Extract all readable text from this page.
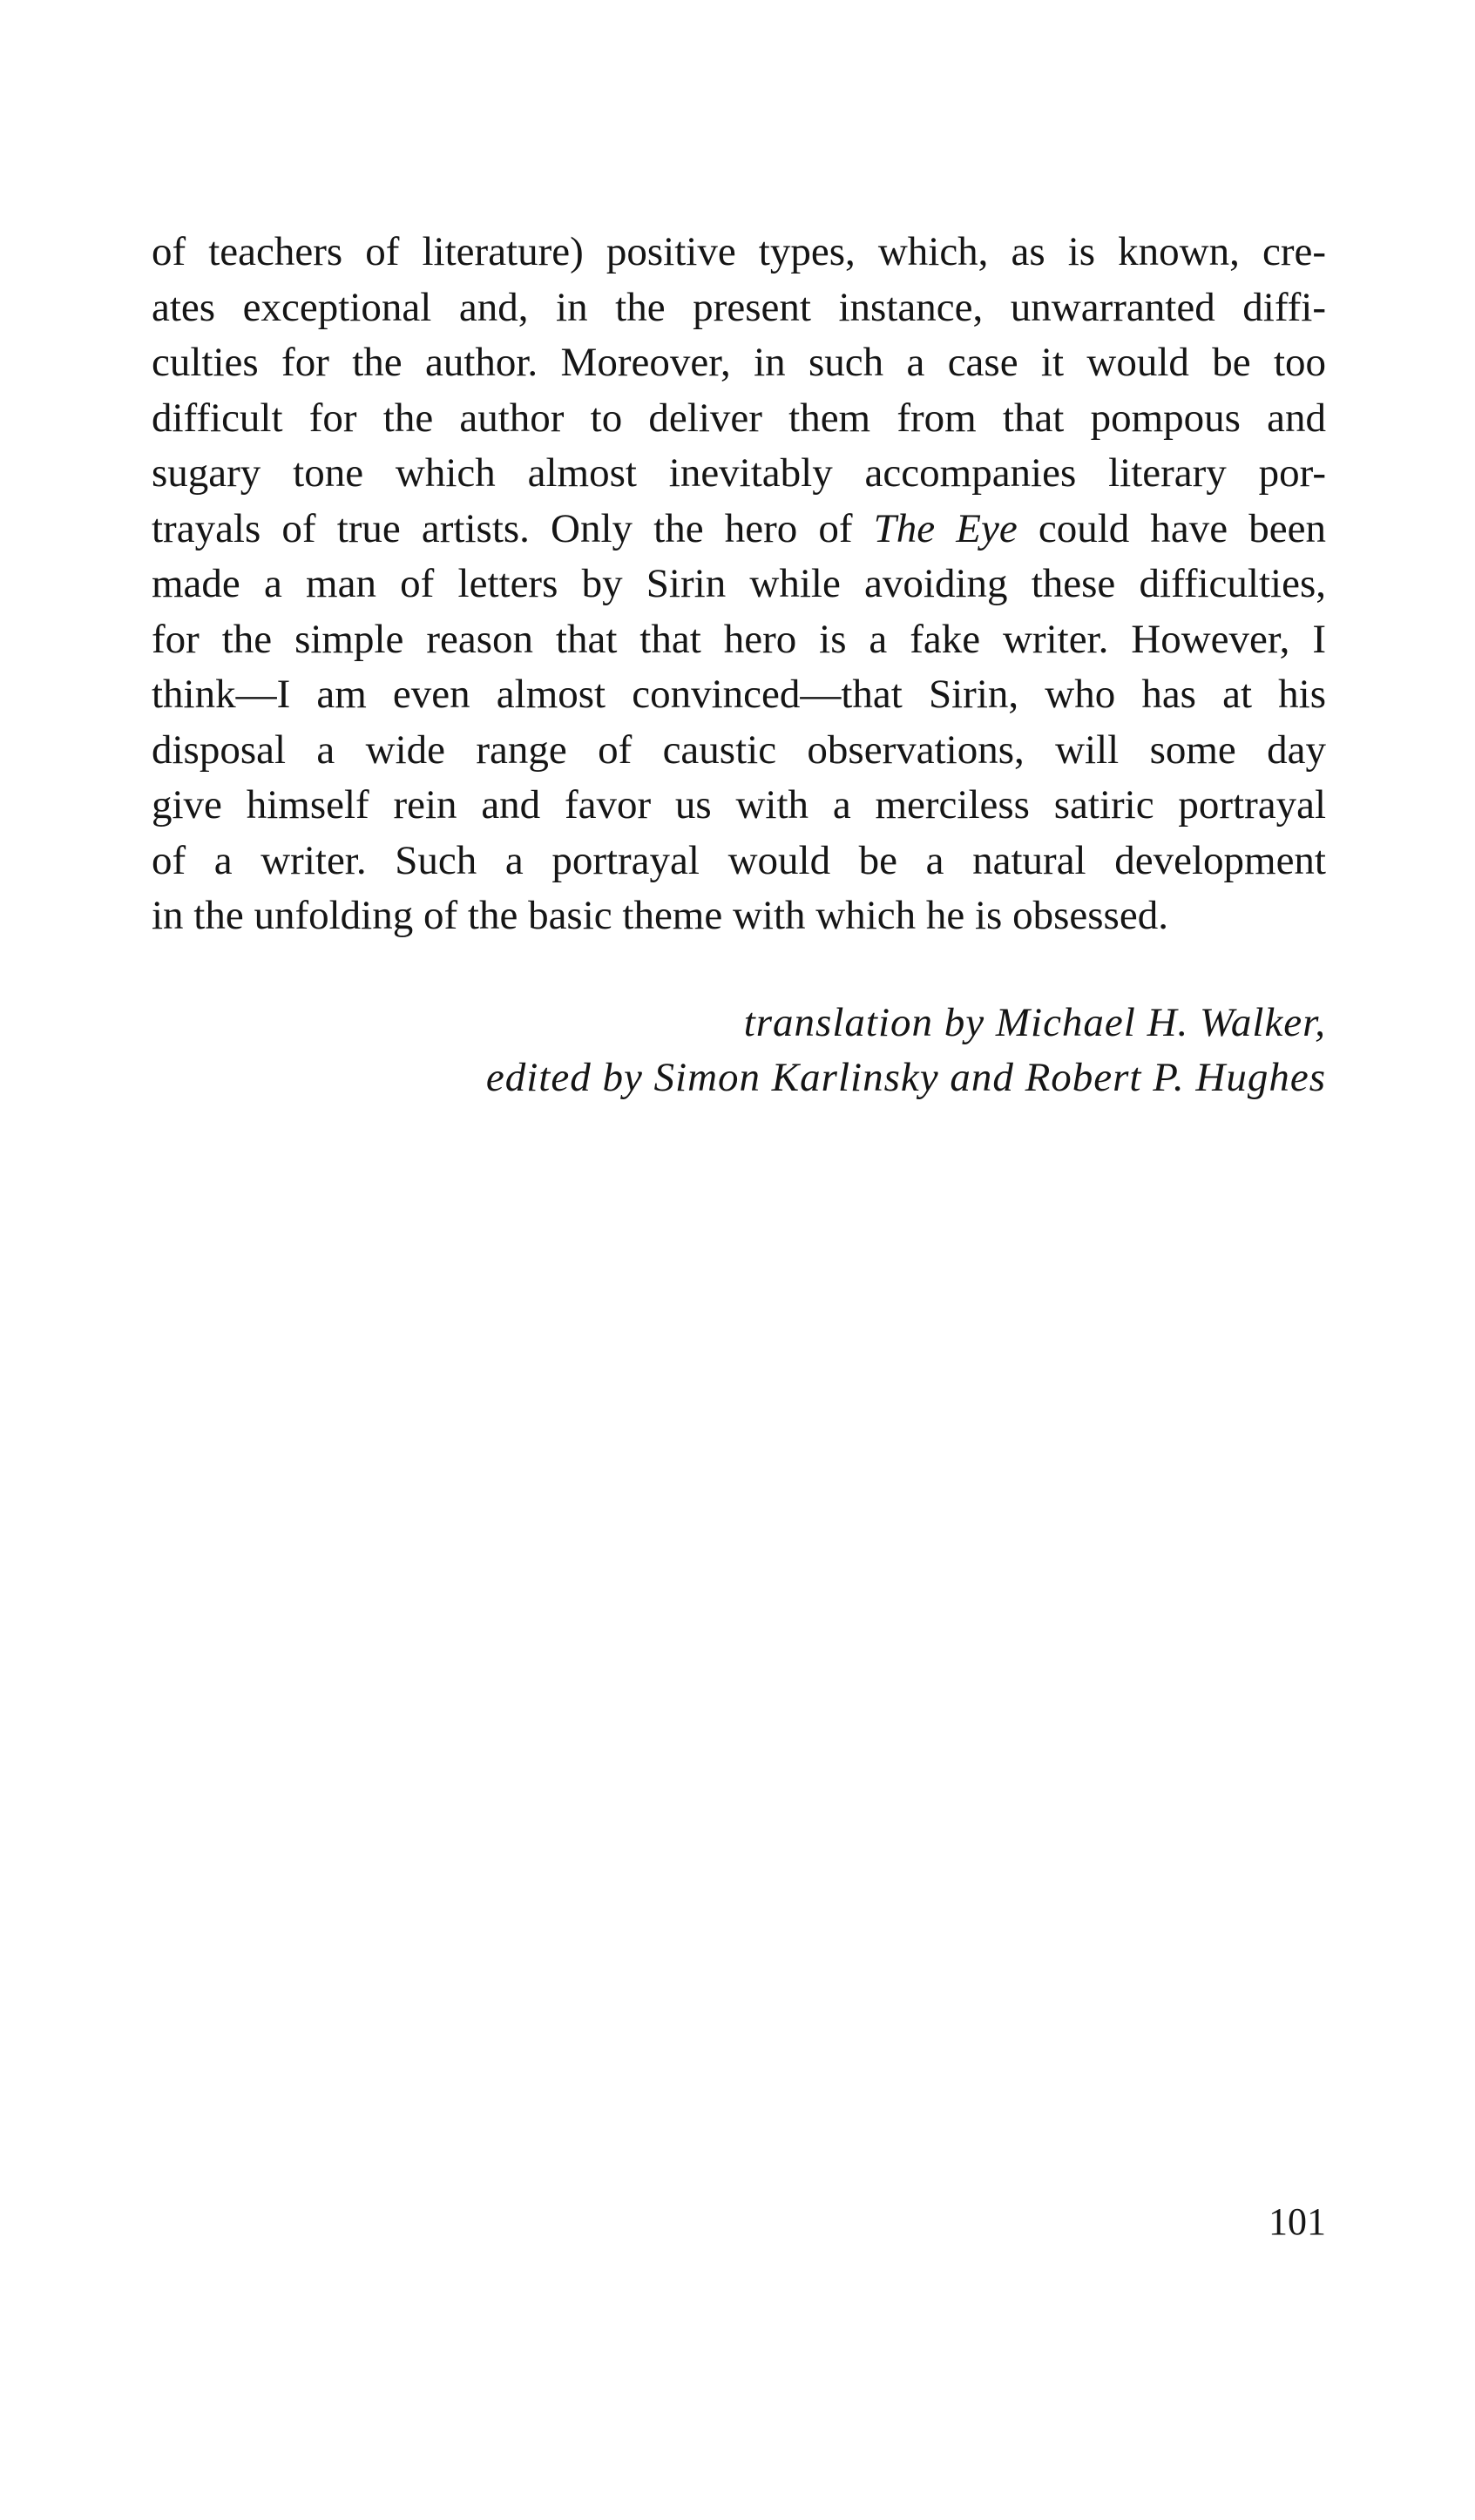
of teachers of literature) positive types, which, as is known, cre-
ates exceptional and, in the present instance, unwarranted diffi-
culties for the author. Moreover, in such a case it would be too
difficult for the author to deliver them from that pompous and
sugary tone which almost inevitably accompanies literary por-
trayals of true artists. Only the hero of The Eye could have been
made a man of letters by Sirin while avoiding these difficulties,
for the simple reason that that hero is a fake writer. However, I
think—I am even almost convinced—that Sirin, who has at his
disposal a wide range of caustic observations, will some day
give himself rein and favor us with a merciless satiric portrayal
of a writer. Such a portrayal would be a natural development
in the unfolding of the basic theme with which he is obsessed.
translation by Michael H. Walker,
edited by Simon Karlinsky and Robert P. Hughes
101
